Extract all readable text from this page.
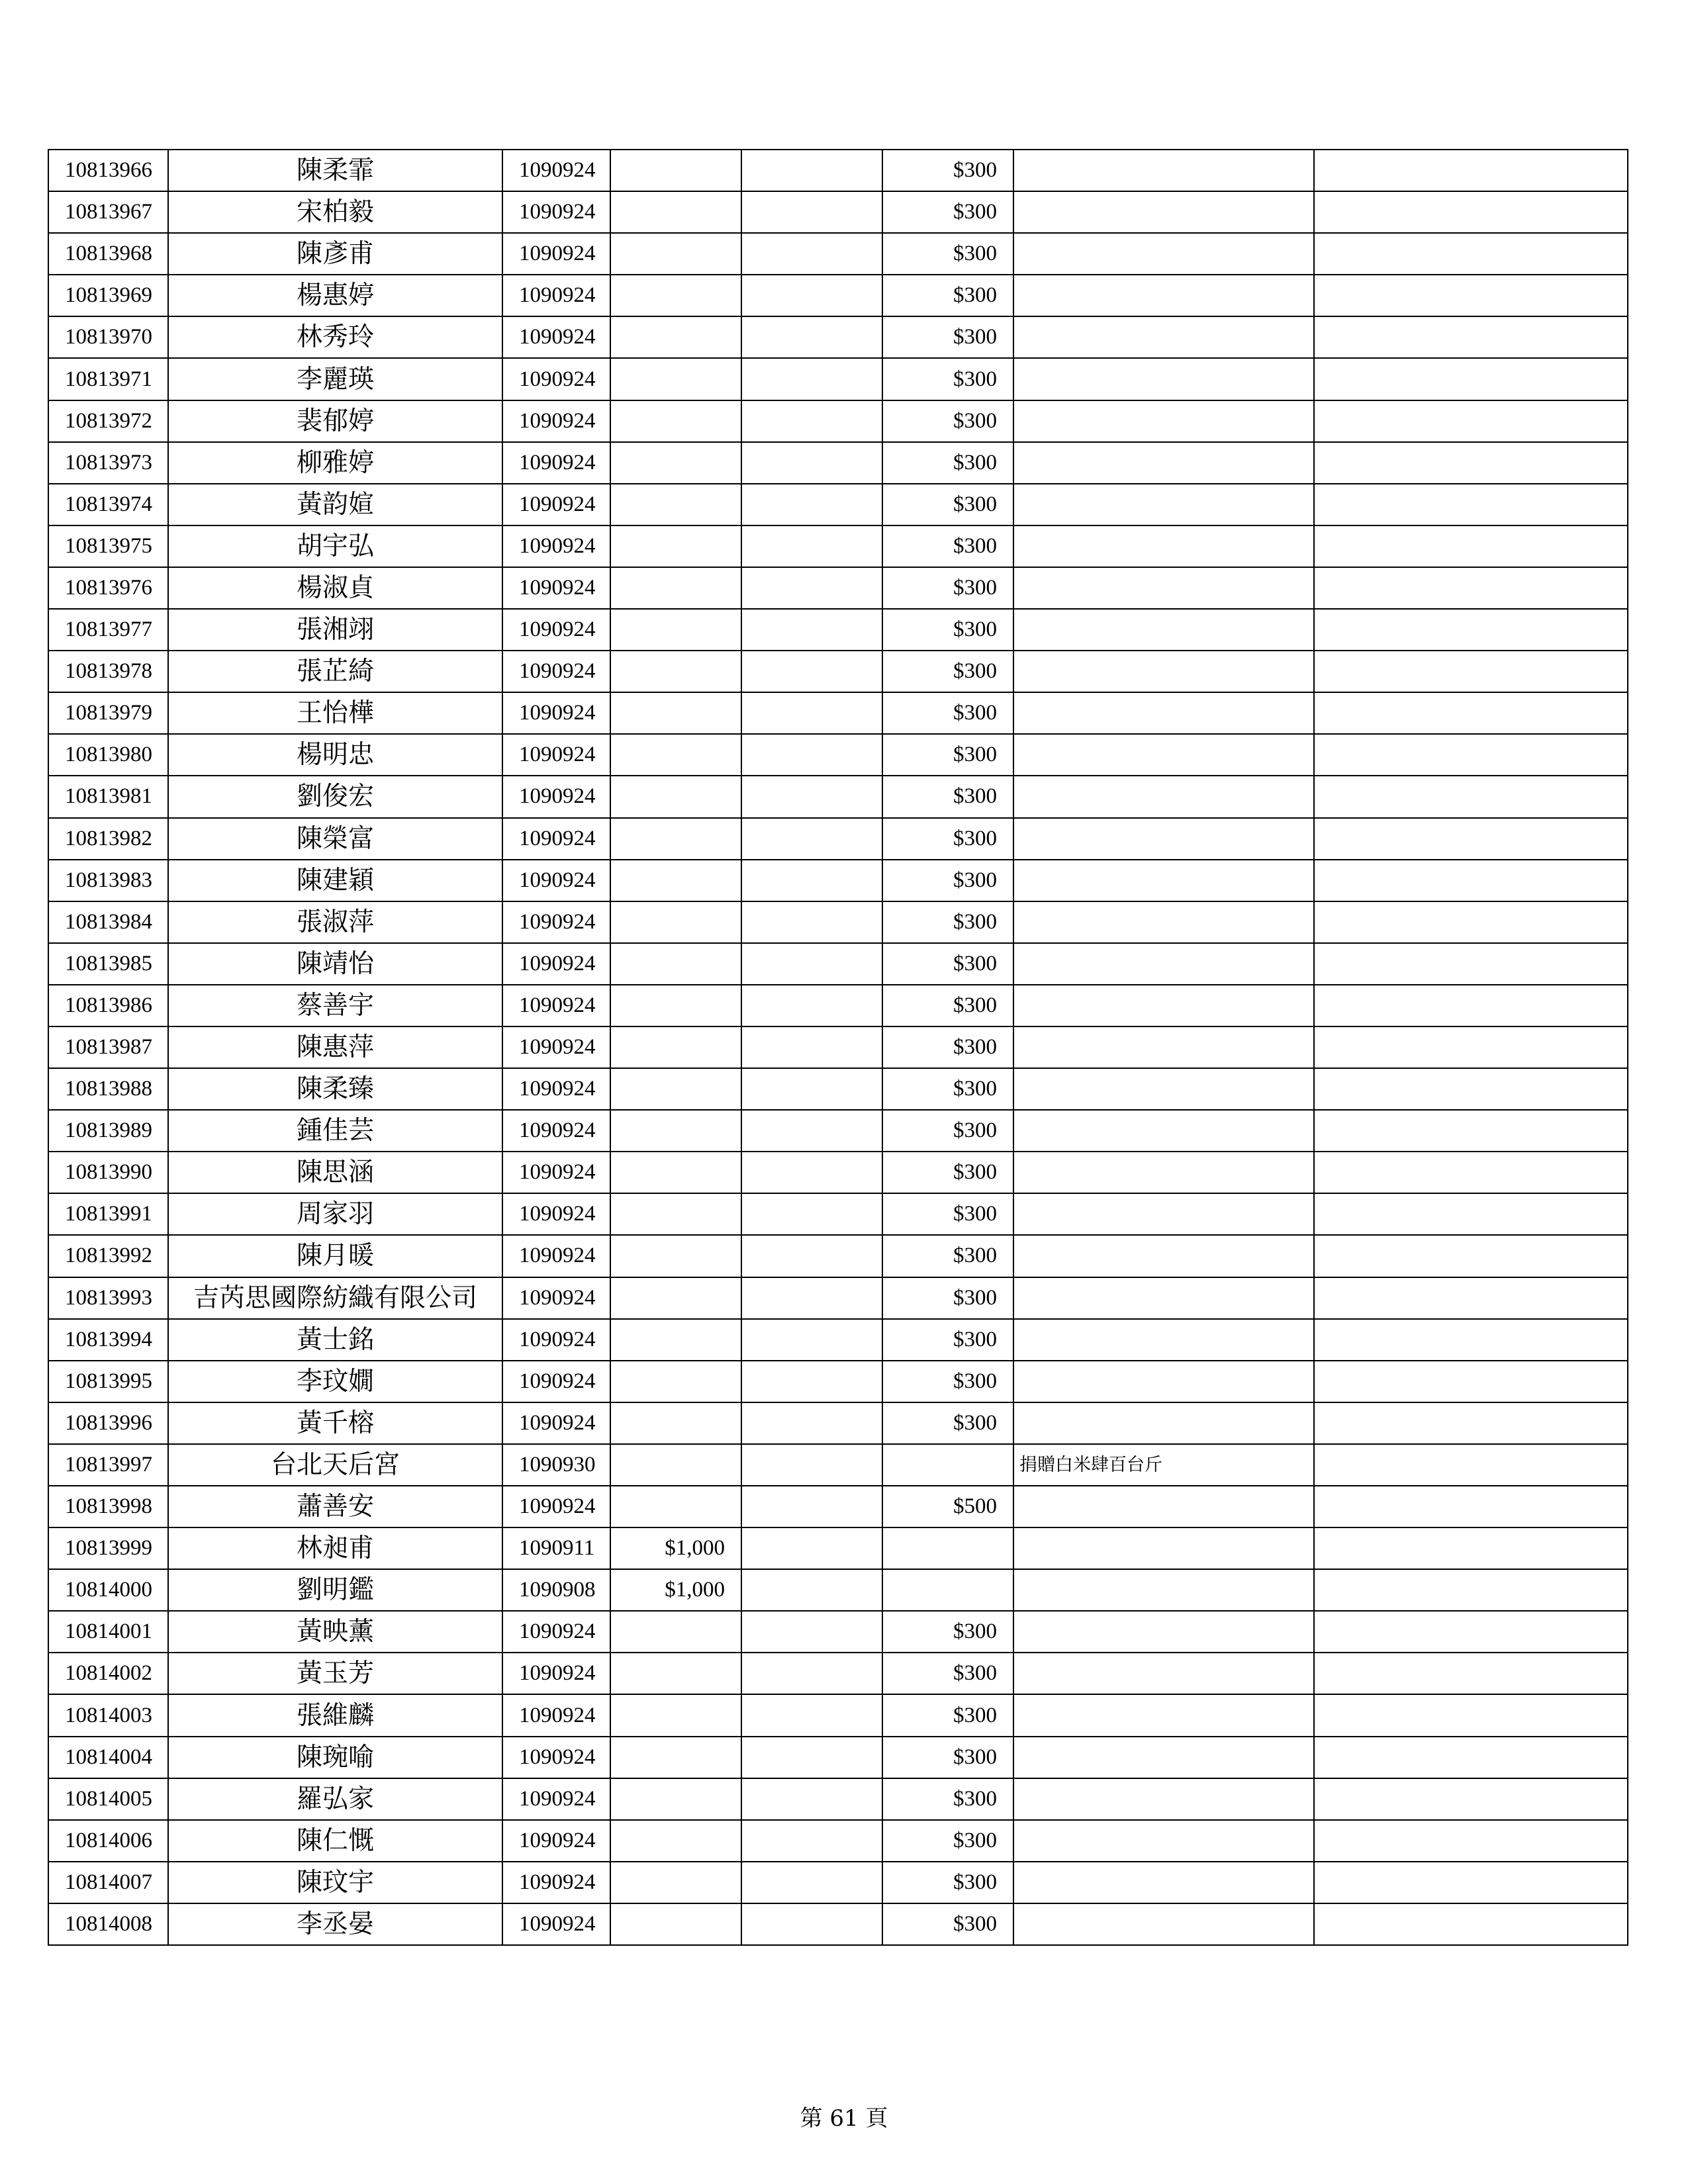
10813966	陳柔霏	1090924			$300		
10813967	宋柏毅	1090924			$300		
10813968	陳彥甫	1090924			$300		
10813969	楊惠婷	1090924			$300		
10813970	林秀玲	1090924			$300		
10813971	李麗瑛	1090924			$300		
10813972	裴郁婷	1090924			$300		
10813973	柳雅婷	1090924			$300		
10813974	黃韵媗	1090924			$300		
10813975	胡宇弘	1090924			$300		
10813976	楊淑貞	1090924			$300		
10813977	張湘翊	1090924			$300		
10813978	張芷綺	1090924			$300		
10813979	王怡樺	1090924			$300		
10813980	楊明忠	1090924			$300		
10813981	劉俊宏	1090924			$300		
10813982	陳榮富	1090924			$300		
10813983	陳建穎	1090924			$300		
10813984	張淑萍	1090924			$300		
10813985	陳靖怡	1090924			$300		
10813986	蔡善宇	1090924			$300		
10813987	陳惠萍	1090924			$300		
10813988	陳柔臻	1090924			$300		
10813989	鍾佳芸	1090924			$300		
10813990	陳思涵	1090924			$300		
10813991	周家羽	1090924			$300		
10813992	陳月暖	1090924			$300		
10813993	吉芮思國際紡織有限公司	1090924			$300		
10813994	黃士銘	1090924			$300		
10813995	李玟嫺	1090924			$300		
10813996	黃千榕	1090924			$300		
10813997	台北天后宮	1090930				捐贈白米肆百台斤	
10813998	蕭善安	1090924			$500		
10813999	林昶甫	1090911	$1,000				
10814000	劉明鑑	1090908	$1,000				
10814001	黃映薰	1090924			$300		
10814002	黃玉芳	1090924			$300		
10814003	張維麟	1090924			$300		
10814004	陳琬喻	1090924			$300		
10814005	羅弘家	1090924			$300		
10814006	陳仁慨	1090924			$300		
10814007	陳玟宇	1090924			$300		
10814008	李丞晏	1090924			$300		
第 61 頁
